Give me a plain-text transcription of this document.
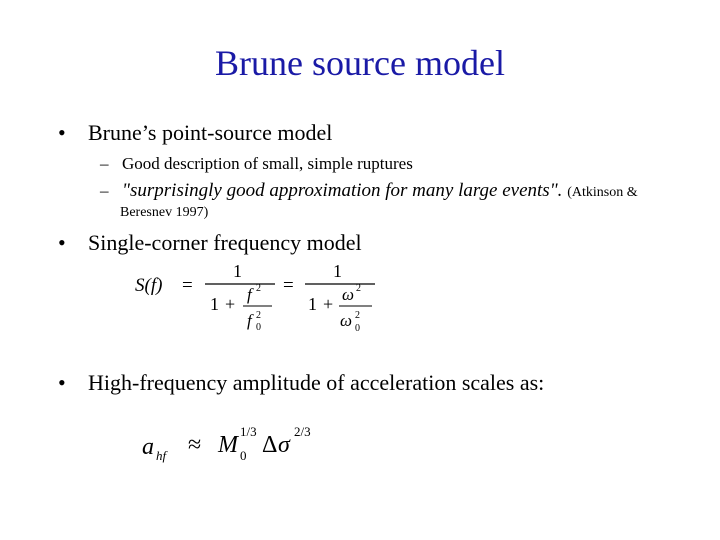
Brune source model
• Brune’s point-source model
– Good description of small, simple ruptures
– "surprisingly good approximation for many large events". (Atkinson &
Beresnev 1997)
• Single-corner frequency model
S(f) =
1
1 + f 2
f 0
2
=
1
1 + ω 2
ω 0
2
• High-frequency amplitude of acceleration scales as:
a hf ≈ M 0
1/3
Δ σ
2/3
